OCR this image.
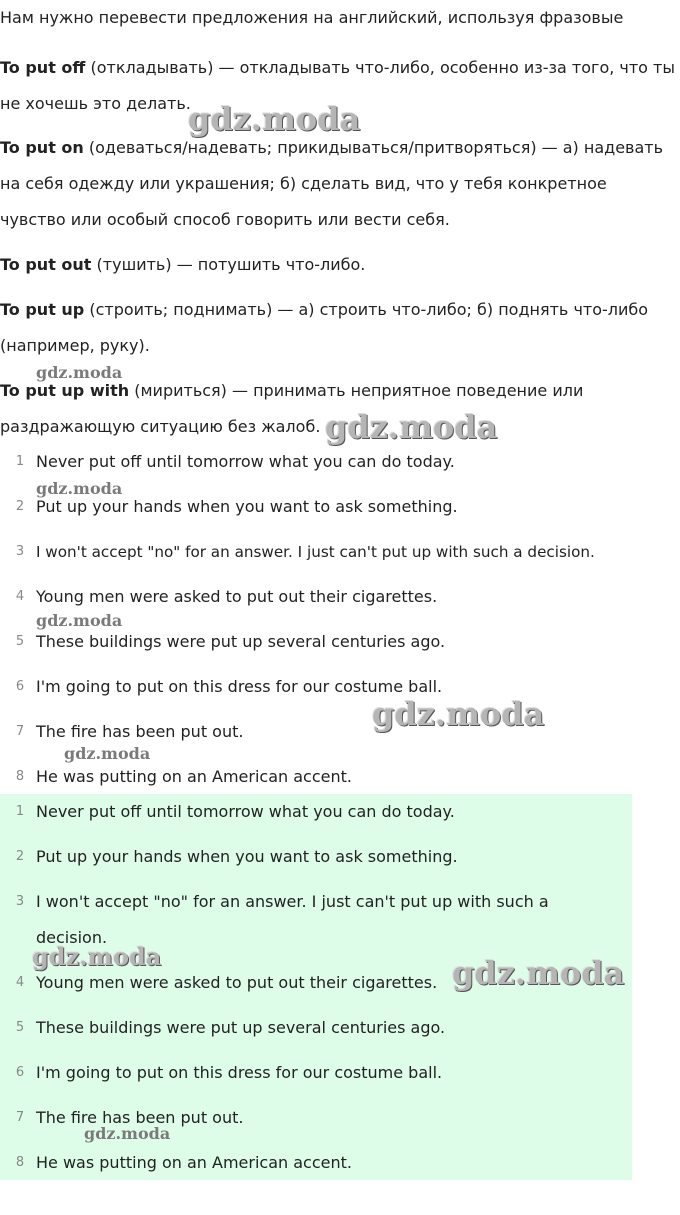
Нам нужно перевести предложения на английский, используя фразовые

To put off (откладывать) — откладывать что-либо, особенно из-за того, что ты не хочешь это делать.

To put on (одеваться/надевать; прикидываться/притворяться) — а) надевать на себя одежду или украшения; б) сделать вид, что у тебя конкретное чувство или особый способ говорить или вести себя.

To put out (тушить) — потушить что-либо.

To put up (строить; поднимать) — а) строить что-либо; б) поднять что-либо (например, руку).

To put up with (мириться) — принимать неприятное поведение или раздражающую ситуацию без жалоб.

1 Never put off until tomorrow what you can do today.
2 Put up your hands when you want to ask something.
3 I won't accept "no" for an answer. I just can't put up with such a decision.
4 Young men were asked to put out their cigarettes.
5 These buildings were put up several centuries ago.
6 I'm going to put on this dress for our costume ball.
7 The fire has been put out.
8 He was putting on an American accent.
1 Never put off until tomorrow what you can do today.
2 Put up your hands when you want to ask something.
3 I won't accept "no" for an answer. I just can't put up with such a decision.
4 Young men were asked to put out their cigarettes.
5 These buildings were put up several centuries ago.
6 I'm going to put on this dress for our costume ball.
7 The fire has been put out.
8 He was putting on an American accent.
gdz.moda
gdz.moda
gdz.moda
gdz.moda
gdz.moda
gdz.moda
gdz.moda
gdz.moda	gdz.moda
gdz.moda
